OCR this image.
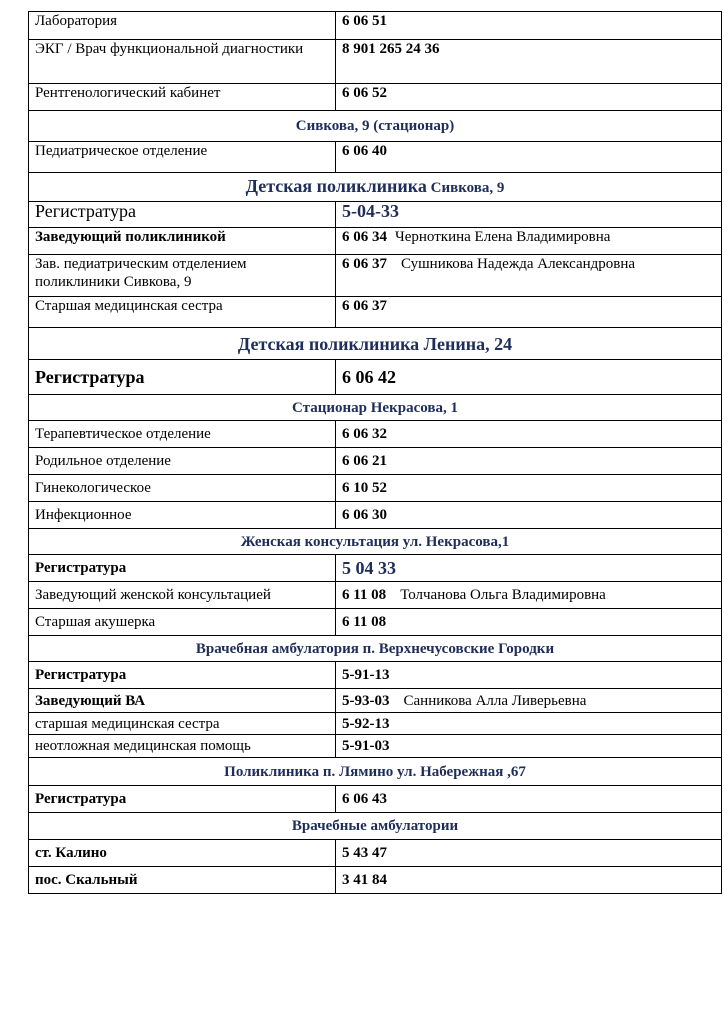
Лаборатория	6 06 51
ЭКГ / Врач функциональной диагностики	8 901 265 24 36
Рентгенологический кабинет	6 06 52
Сивкова, 9 (стационар)	
Педиатрическое отделение	6 06 40
Детская поликлиника Сивкова, 9	
Регистратура	5-04-33
Заведующий поликлиникой	6 06 34 Черноткина Елена Владимировна
Зав. педиатрическим отделением поликлиники Сивкова, 9	6 06 37 Сушникова Надежда Александровна
Старшая медицинская сестра	6 06 37
Детская поликлиника Ленина, 24	
Регистратура	6 06 42
Стационар Некрасова, 1	
Терапевтическое отделение	6 06 32
Родильное отделение	6 06 21
Гинекологическое	6 10 52
Инфекционное	6 06 30
Женская консультация ул. Некрасова,1	
Регистратура	5 04 33
Заведующий женской консультацией	6 11 08 Толчанова Ольга Владимировна
Старшая акушерка	6 11 08
Врачебная амбулатория п. Верхнечусовские Городки	
Регистратура	5-91-13
Заведующий ВА	5-93-03 Санникова Алла Ливерьевна
старшая медицинская сестра	5-92-13
неотложная медицинская помощь	5-91-03
Поликлиника п. Лямино ул. Набережная ,67	
Регистратура	6 06 43
Врачебные амбулатории	
ст. Калино	5 43 47
пос. Скальный	3 41 84
